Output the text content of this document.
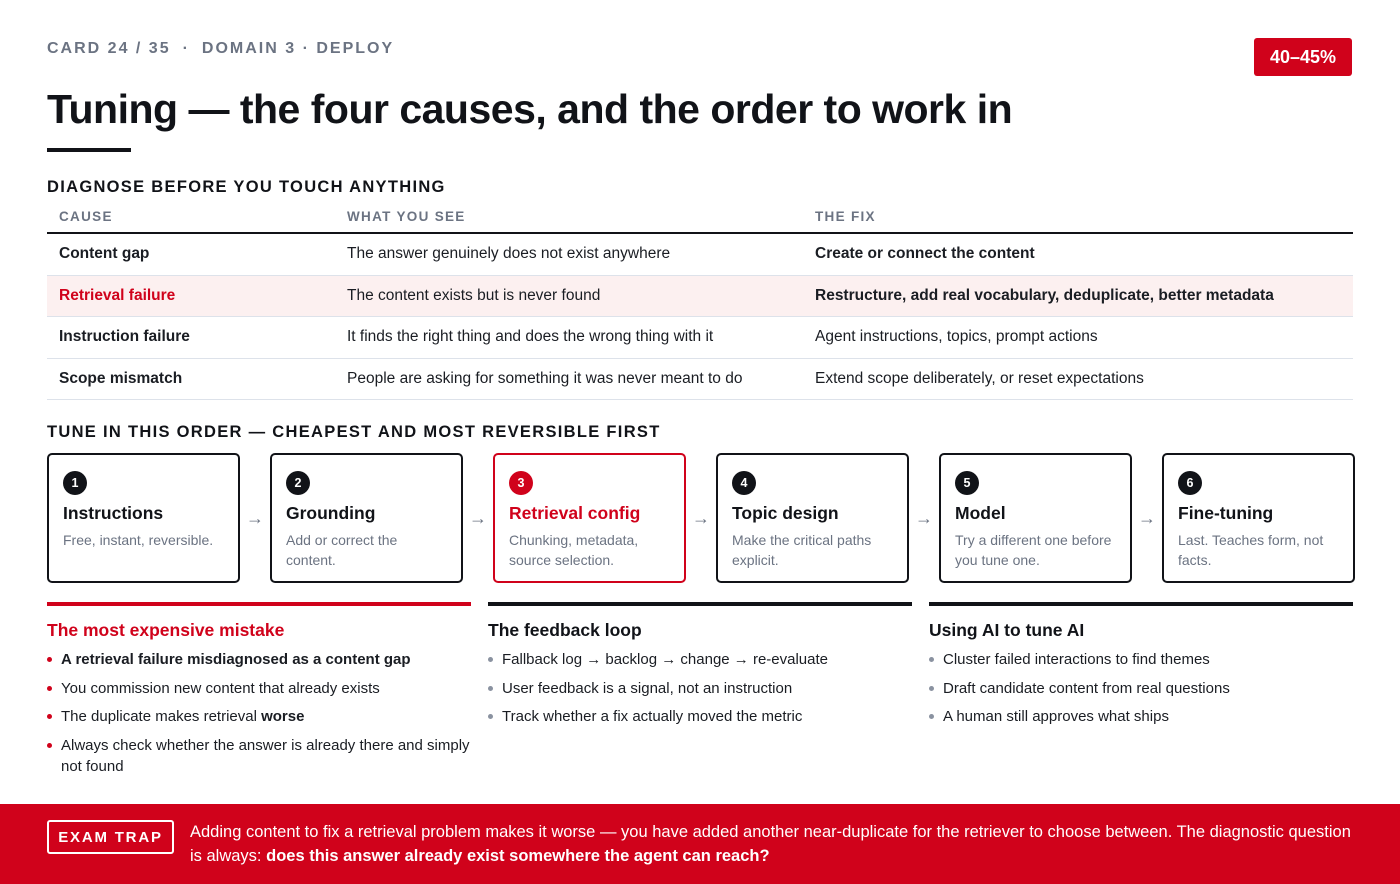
CARD 24 / 35 · DOMAIN 3 · DEPLOY	40–45%
Tuning — the four causes, and the order to work in
DIAGNOSE BEFORE YOU TOUCH ANYTHING
CAUSE	WHAT YOU SEE	THE FIX
Content gap	The answer genuinely does not exist anywhere	Create or connect the content
Retrieval failure	The content exists but is never found	Restructure, add real vocabulary, deduplicate, better metadata
Instruction failure	It finds the right thing and does the wrong thing with it	Agent instructions, topics, prompt actions
Scope mismatch	People are asking for something it was never meant to do	Extend scope deliberately, or reset expectations
TUNE IN THIS ORDER — CHEAPEST AND MOST REVERSIBLE FIRST
1
Instructions
Free, instant, reversible.
→
2
Grounding
Add or correct the content.
→
3
Retrieval config
Chunking, metadata, source selection.
→
4
Topic design
Make the critical paths explicit.
→
5
Model
Try a different one before you tune one.
→
6
Fine-tuning
Last. Teaches form, not facts.
The most expensive mistake
A retrieval failure misdiagnosed as a content gap
You commission new content that already exists
The duplicate makes retrieval worse
Always check whether the answer is already there and simply not found
The feedback loop
Fallback log → backlog → change → re-evaluate
User feedback is a signal, not an instruction
Track whether a fix actually moved the metric
Using AI to tune AI
Cluster failed interactions to find themes
Draft candidate content from real questions
A human still approves what ships
EXAM TRAP	Adding content to fix a retrieval problem makes it worse — you have added another near-duplicate for the retriever to choose between. The diagnostic question is always: does this answer already exist somewhere the agent can reach?
